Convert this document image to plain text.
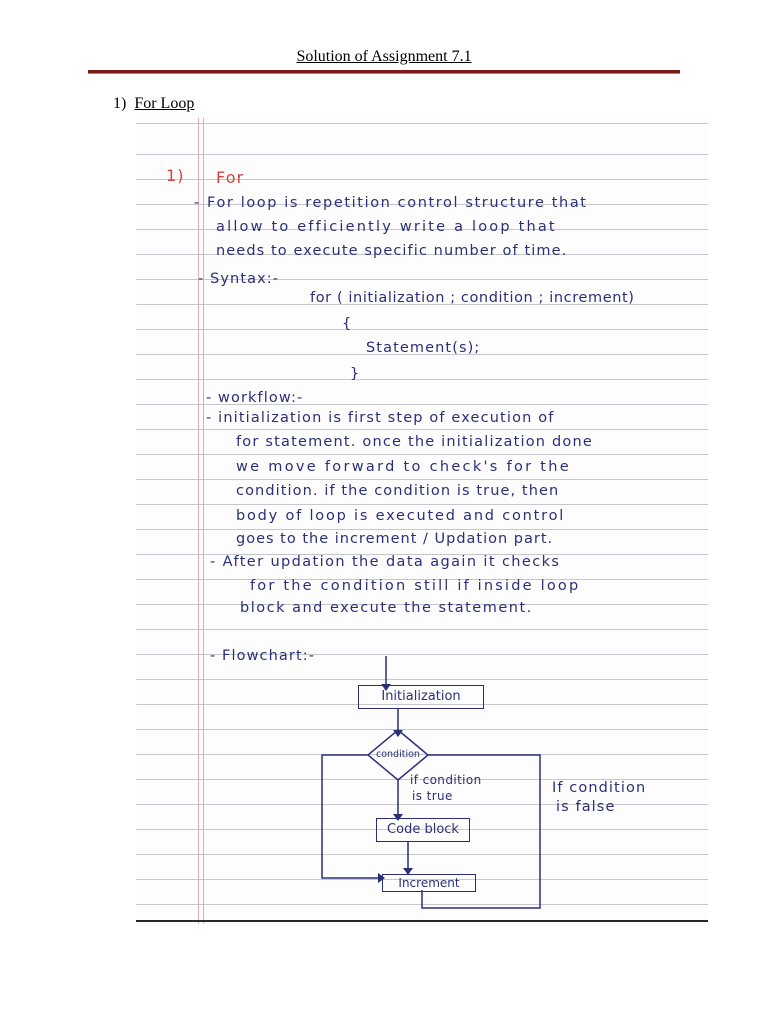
Solution of Assignment 7.1
1) For Loop
1) For
- For loop is repetition control structure that
allow to efficiently write a loop that
needs to execute specific number of time.
- Syntax:-
for ( initialization ; condition ; increment)
{
Statement(s);
}
- workflow:-
- initialization is first step of execution of
for statement. once the initialization done
we move forward to check's for the
condition. if the condition is true, then
body of loop is executed and control
goes to the increment / Updation part.
- After updation the data again it checks
for the condition still if inside loop
block and execute the statement.
- Flowchart:-
Initialization
condition
if condition
is true	If condition
is false
Code block
Increment
